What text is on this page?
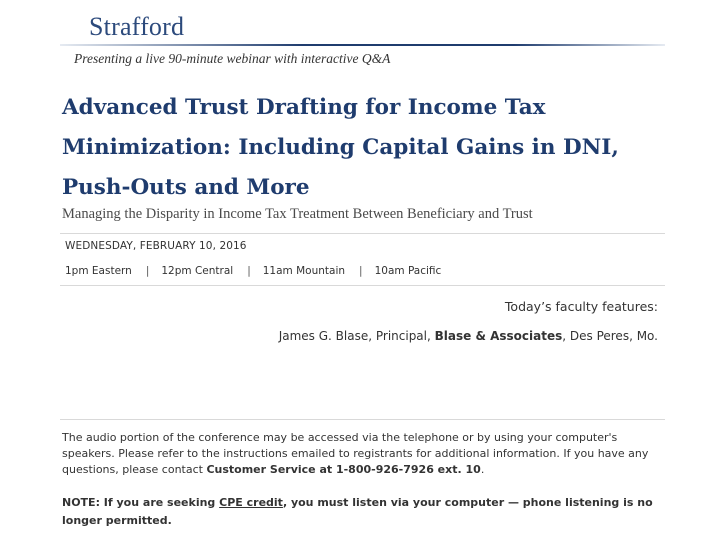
Strafford
Presenting a live 90-minute webinar with interactive Q&A
Advanced Trust Drafting for Income Tax Minimization: Including Capital Gains in DNI, Push-Outs and More
Managing the Disparity in Income Tax Treatment Between Beneficiary and Trust
WEDNESDAY, FEBRUARY 10, 2016
1pm Eastern | 12pm Central | 11am Mountain | 10am Pacific
Today’s faculty features:
James G. Blase, Principal, Blase & Associates, Des Peres, Mo.

The audio portion of the conference may be accessed via the telephone or by using your computer's speakers. Please refer to the instructions emailed to registrants for additional information. If you have any questions, please contact Customer Service at 1-800-926-7926 ext. 10.

NOTE: If you are seeking CPE credit, you must listen via your computer — phone listening is no longer permitted.
